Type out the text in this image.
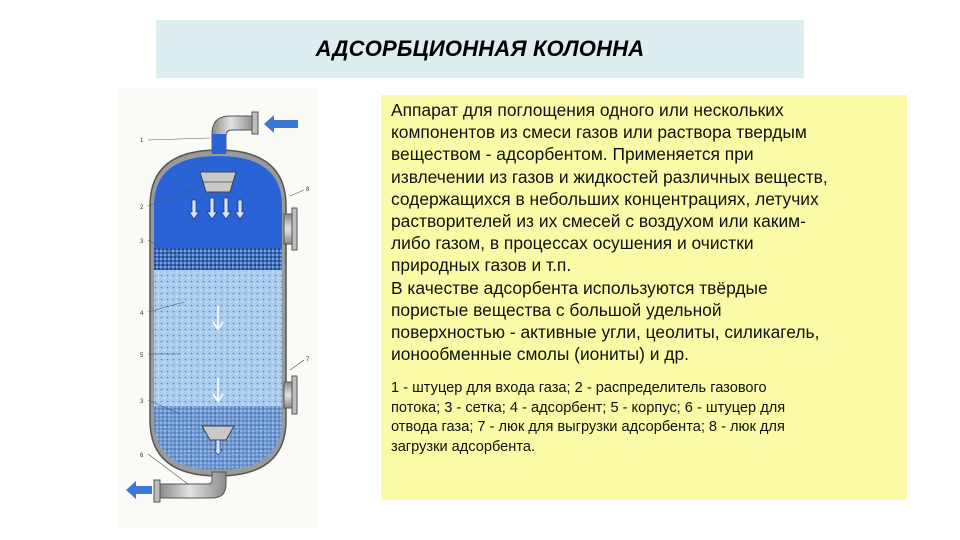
АДСОРБЦИОННАЯ КОЛОННА
1
2
3
4
5
3
6
8
7

Аппарат для поглощения одного или нескольких
компонентов из смеси газов или раствора твердым
веществом - адсорбентом. Применяется при
извлечении из газов и жидкостей различных веществ,
содержащихся в небольших концентрациях, летучих
растворителей из их смесей с воздухом или каким-
либо газом, в процессах осушения и очистки
природных газов и т.п.
В качестве адсорбента используются твёрдые
пористые вещества с большой удельной
поверхностью - активные угли, цеолиты, силикагель,
ионообменные смолы (иониты) и др.

1 - штуцер для входа газа; 2 - распределитель газового
потока; 3 - сетка; 4 - адсорбент; 5 - корпус; 6 - штуцер для
отвода газа; 7 - люк для выгрузки адсорбента; 8 - люк для
загрузки адсорбента.
